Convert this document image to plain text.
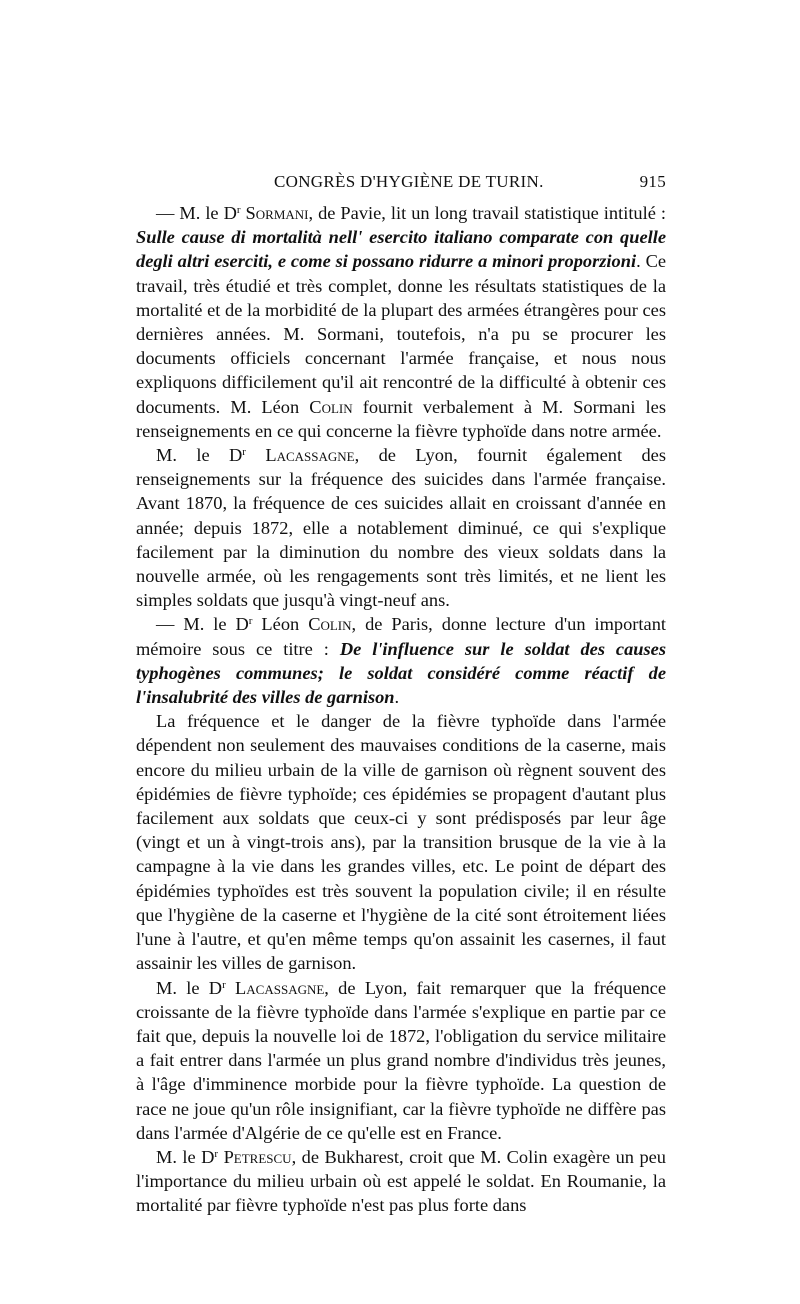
CONGRÈS D'HYGIÈNE DE TURIN.	915

— M. le $D^r$ Sormani, de Pavie, lit un long travail statistique intitulé : Sulle cause di mortalità nell' esercito italiano comparate con quelle degli altri eserciti, e come si possano ridurre a minori proporzioni. Ce travail, très étudié et très complet, donne les résultats statistiques de la mortalité et de la morbidité de la plupart des armées étrangères pour ces dernières années. M. Sormani, toutefois, n'a pu se procurer les documents officiels concernant l'armée française, et nous nous expliquons difficilement qu'il ait rencontré de la difficulté à obtenir ces documents. M. Léon Colin fournit verbalement à M. Sormani les renseignements en ce qui concerne la fièvre typhoïde dans notre armée.

M. le $D^r$ Lacassagne, de Lyon, fournit également des renseignements sur la fréquence des suicides dans l'armée française. Avant 1870, la fréquence de ces suicides allait en croissant d'année en année; depuis 1872, elle a notablement diminué, ce qui s'explique facilement par la diminution du nombre des vieux soldats dans la nouvelle armée, où les rengagements sont très limités, et ne lient les simples soldats que jusqu'à vingt-neuf ans.

— M. le $D^r$ Léon Colin, de Paris, donne lecture d'un important mémoire sous ce titre : De l'influence sur le soldat des causes typhogènes communes; le soldat considéré comme réactif de l'insalubrité des villes de garnison.

La fréquence et le danger de la fièvre typhoïde dans l'armée dépendent non seulement des mauvaises conditions de la caserne, mais encore du milieu urbain de la ville de garnison où règnent souvent des épidémies de fièvre typhoïde; ces épidémies se propagent d'autant plus facilement aux soldats que ceux-ci y sont prédisposés par leur âge (vingt et un à vingt-trois ans), par la transition brusque de la vie à la campagne à la vie dans les grandes villes, etc. Le point de départ des épidémies typhoïdes est très souvent la population civile; il en résulte que l'hygiène de la caserne et l'hygiène de la cité sont étroitement liées l'une à l'autre, et qu'en même temps qu'on assainit les casernes, il faut assainir les villes de garnison.

M. le $D^r$ Lacassagne, de Lyon, fait remarquer que la fréquence croissante de la fièvre typhoïde dans l'armée s'explique en partie par ce fait que, depuis la nouvelle loi de 1872, l'obligation du service militaire a fait entrer dans l'armée un plus grand nombre d'individus très jeunes, à l'âge d'imminence morbide pour la fièvre typhoïde. La question de race ne joue qu'un rôle insignifiant, car la fièvre typhoïde ne diffère pas dans l'armée d'Algérie de ce qu'elle est en France.

M. le $D^r$ Petrescu, de Bukharest, croit que M. Colin exagère un peu l'importance du milieu urbain où est appelé le soldat. En Roumanie, la mortalité par fièvre typhoïde n'est pas plus forte dans
